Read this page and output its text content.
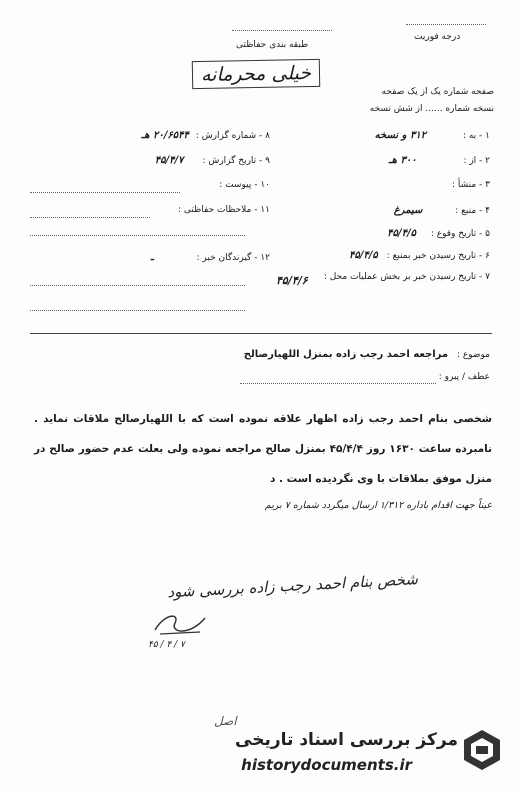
طبقه بندی حفاظتی
درجه فوریت
خیلی محرمانه
صفحه شماره یک از یک صفحه
نسخه شماره ...... از شش نسخه
۱ - به : ۳۱۲ و نسخه
۲ - از : ۳۰۰ هـ
۳ - منشأ :
۴ - منبع : سیمرغ
۵ - تاریخ وقوع : ۴۵/۴/۵
۶ - تاریخ رسیدن خبر بمنبع : ۴۵/۴/۵
۷ - تاریخ رسیدن خبر بر بخش عملیات محل :
۴۵/۴/۶
۸ - شماره گزارش : ۲۰/۶۵۴۴ هـ
۹ - تاریخ گزارش : ۴۵/۴/۷
۱۰ - پیوست :
۱۱ - ملاحظات حفاظتی :
۱۲ - گیرندگان خبر : ـ
موضوع : مراجعه احمد رجب زاده بمنزل اللهیارصالح
عطف / پیرو :
شخصی بنام احمد رجب زاده اظهار علاقه نموده است که با اللهیارصالح ملاقات نماید . نامبرده ساعت ۱۶۳۰ روز ۴۵/۴/۴ بمنزل صالح مراجعه نموده ولی بعلت عدم حضور صالح در منزل موفق بملاقات با وی نگردیده است . د
عیناً جهت اقدام باداره ۱/۳۱۲ ارسال میگردد شماره ۷ بریم
شخص بنام احمد رجب زاده بررسی شود
۷ / ۴ / ۴۵
اصل
مرکز بررسی اسناد تاریخی
historydocuments.ir
